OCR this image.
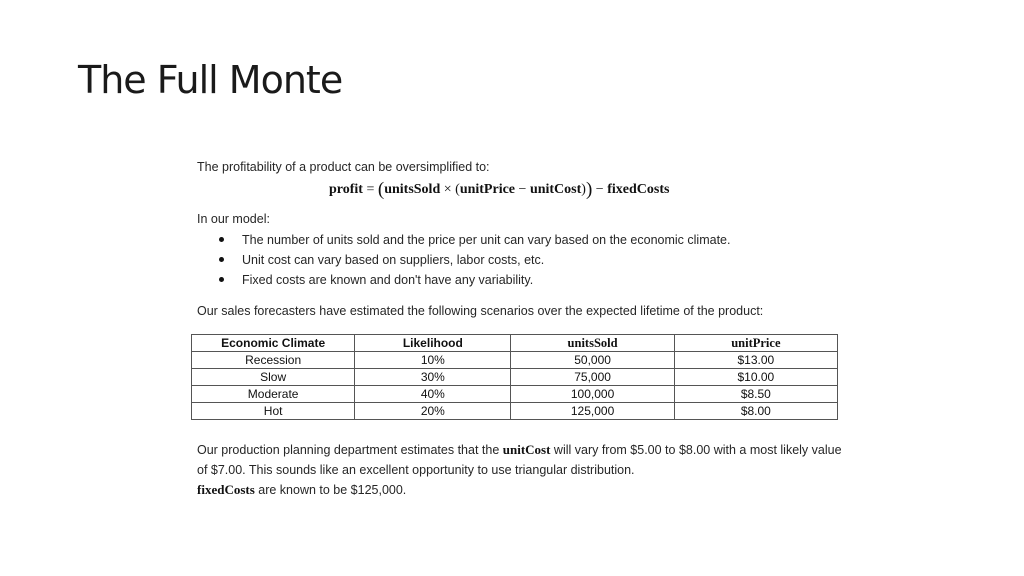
The Full Monte
The profitability of a product can be oversimplified to:
profit = (unitsSold × (unitPrice − unitCost)) − fixedCosts
In our model:
The number of units sold and the price per unit can vary based on the economic climate.
Unit cost can vary based on suppliers, labor costs, etc.
Fixed costs are known and don't have any variability.
Our sales forecasters have estimated the following scenarios over the expected lifetime of the product:
Economic Climate	Likelihood	unitsSold	unitPrice
Recession	10%	50,000	$13.00
Slow	30%	75,000	$10.00
Moderate	40%	100,000	$8.50
Hot	20%	125,000	$8.00
Our production planning department estimates that the unitCost will vary from $5.00 to $8.00 with a most likely value of $7.00. This sounds like an excellent opportunity to use triangular distribution.
fixedCosts are known to be $125,000.
